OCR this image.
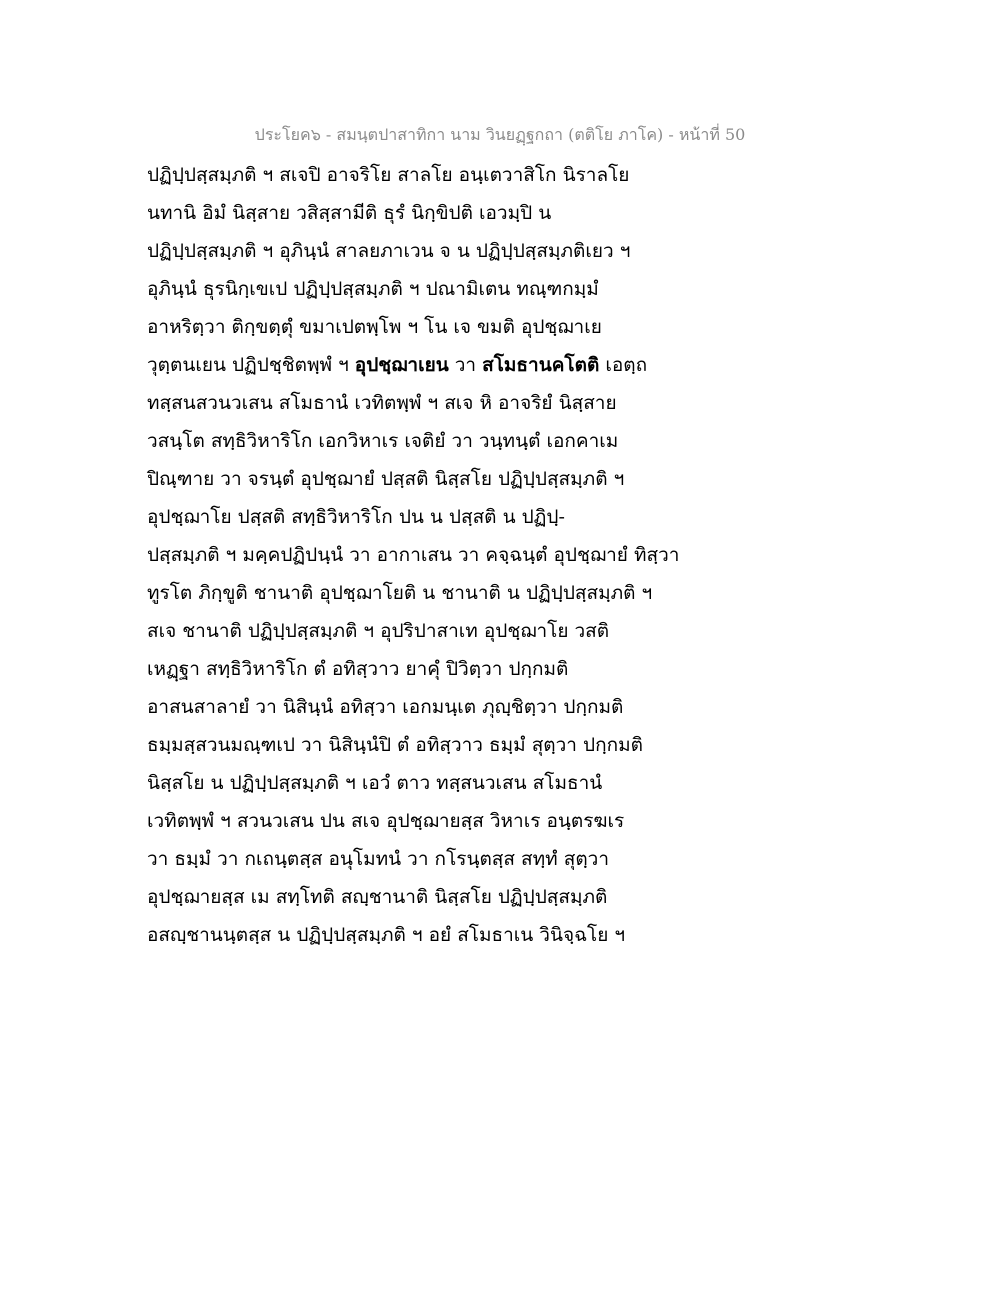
ประโยค๖ - สมนฺตปาสาทิกา นาม วินยฏฺฐกถา (ตติโย ภาโค) - หน้าที่ 50
ปฏิปฺปสฺสมฺภติ ฯ สเจปิ อาจริโย สาลโย อนฺเตวาสิโก นิราลโย
นทานิ อิมํ นิสฺสาย วสิสฺสามีติ ธุรํ นิกฺขิปติ เอวมฺปิ น
ปฏิปฺปสฺสมฺภติ ฯ อุภินฺนํ สาลยภาเวน จ น ปฏิปฺปสฺสมฺภติเยว ฯ
อุภินฺนํ ธุรนิกฺเขเป ปฏิปฺปสฺสมฺภติ ฯ ปณามิเตน ทณฺฑกมฺมํ
อาหริตฺวา ติกฺขตฺตุํ ขมาเปตพฺโพ ฯ โน เจ ขมติ อุปชฺฌาเย
วุตฺตนเยน ปฏิปชฺชิตพฺพํ ฯ อุปชฺฌาเยน วา สโมธานคโตติ เอตฺถ
ทสฺสนสวนวเสน สโมธานํ เวทิตพฺพํ ฯ สเจ หิ อาจริยํ นิสฺสาย
วสนฺโต สทฺธิวิหาริโก เอกวิหาเร เจติยํ วา วนฺทนฺตํ เอกคาเม
ปิณฺฑาย วา จรนฺตํ อุปชฺฌายํ ปสฺสติ นิสฺสโย ปฏิปฺปสฺสมฺภติ ฯ
อุปชฺฌาโย ปสฺสติ สทฺธิวิหาริโก ปน น ปสฺสติ น ปฏิปฺ-
ปสฺสมฺภติ ฯ มคฺคปฏิปนฺนํ วา อากาเสน วา คจฺฉนฺตํ อุปชฺฌายํ ทิสฺวา
ทูรโต ภิกฺขูติ ชานาติ อุปชฺฌาโยติ น ชานาติ น ปฏิปฺปสฺสมฺภติ ฯ
สเจ ชานาติ ปฏิปฺปสฺสมฺภติ ฯ อุปริปาสาเท อุปชฺฌาโย วสติ
เหฏฺฐา สทฺธิวิหาริโก ตํ อทิสฺวาว ยาคุํ ปิวิตฺวา ปกฺกมติ
อาสนสาลายํ วา นิสินฺนํ อทิสฺวา เอกมนฺเต ภุญฺชิตฺวา ปกฺกมติ
ธมฺมสฺสวนมณฺฑเป วา นิสินฺนํปิ ตํ อทิสฺวาว ธมฺมํ สุตฺวา ปกฺกมติ
นิสฺสโย น ปฏิปฺปสฺสมฺภติ ฯ เอวํ ตาว ทสฺสนวเสน สโมธานํ
เวทิตพฺพํ ฯ สวนวเสน ปน สเจ อุปชฺฌายสฺส วิหาเร อนฺตรฆเร
วา ธมฺมํ วา กเถนฺตสฺส อนุโมทนํ วา กโรนฺตสฺส สทฺทํ สุตฺวา
อุปชฺฌายสฺส เม สทฺโทติ สญฺชานาติ นิสฺสโย ปฏิปฺปสฺสมฺภติ
อสญฺชานนฺตสฺส น ปฏิปฺปสฺสมฺภติ ฯ อยํ สโมธาเน วินิจฺฉโย ฯ
